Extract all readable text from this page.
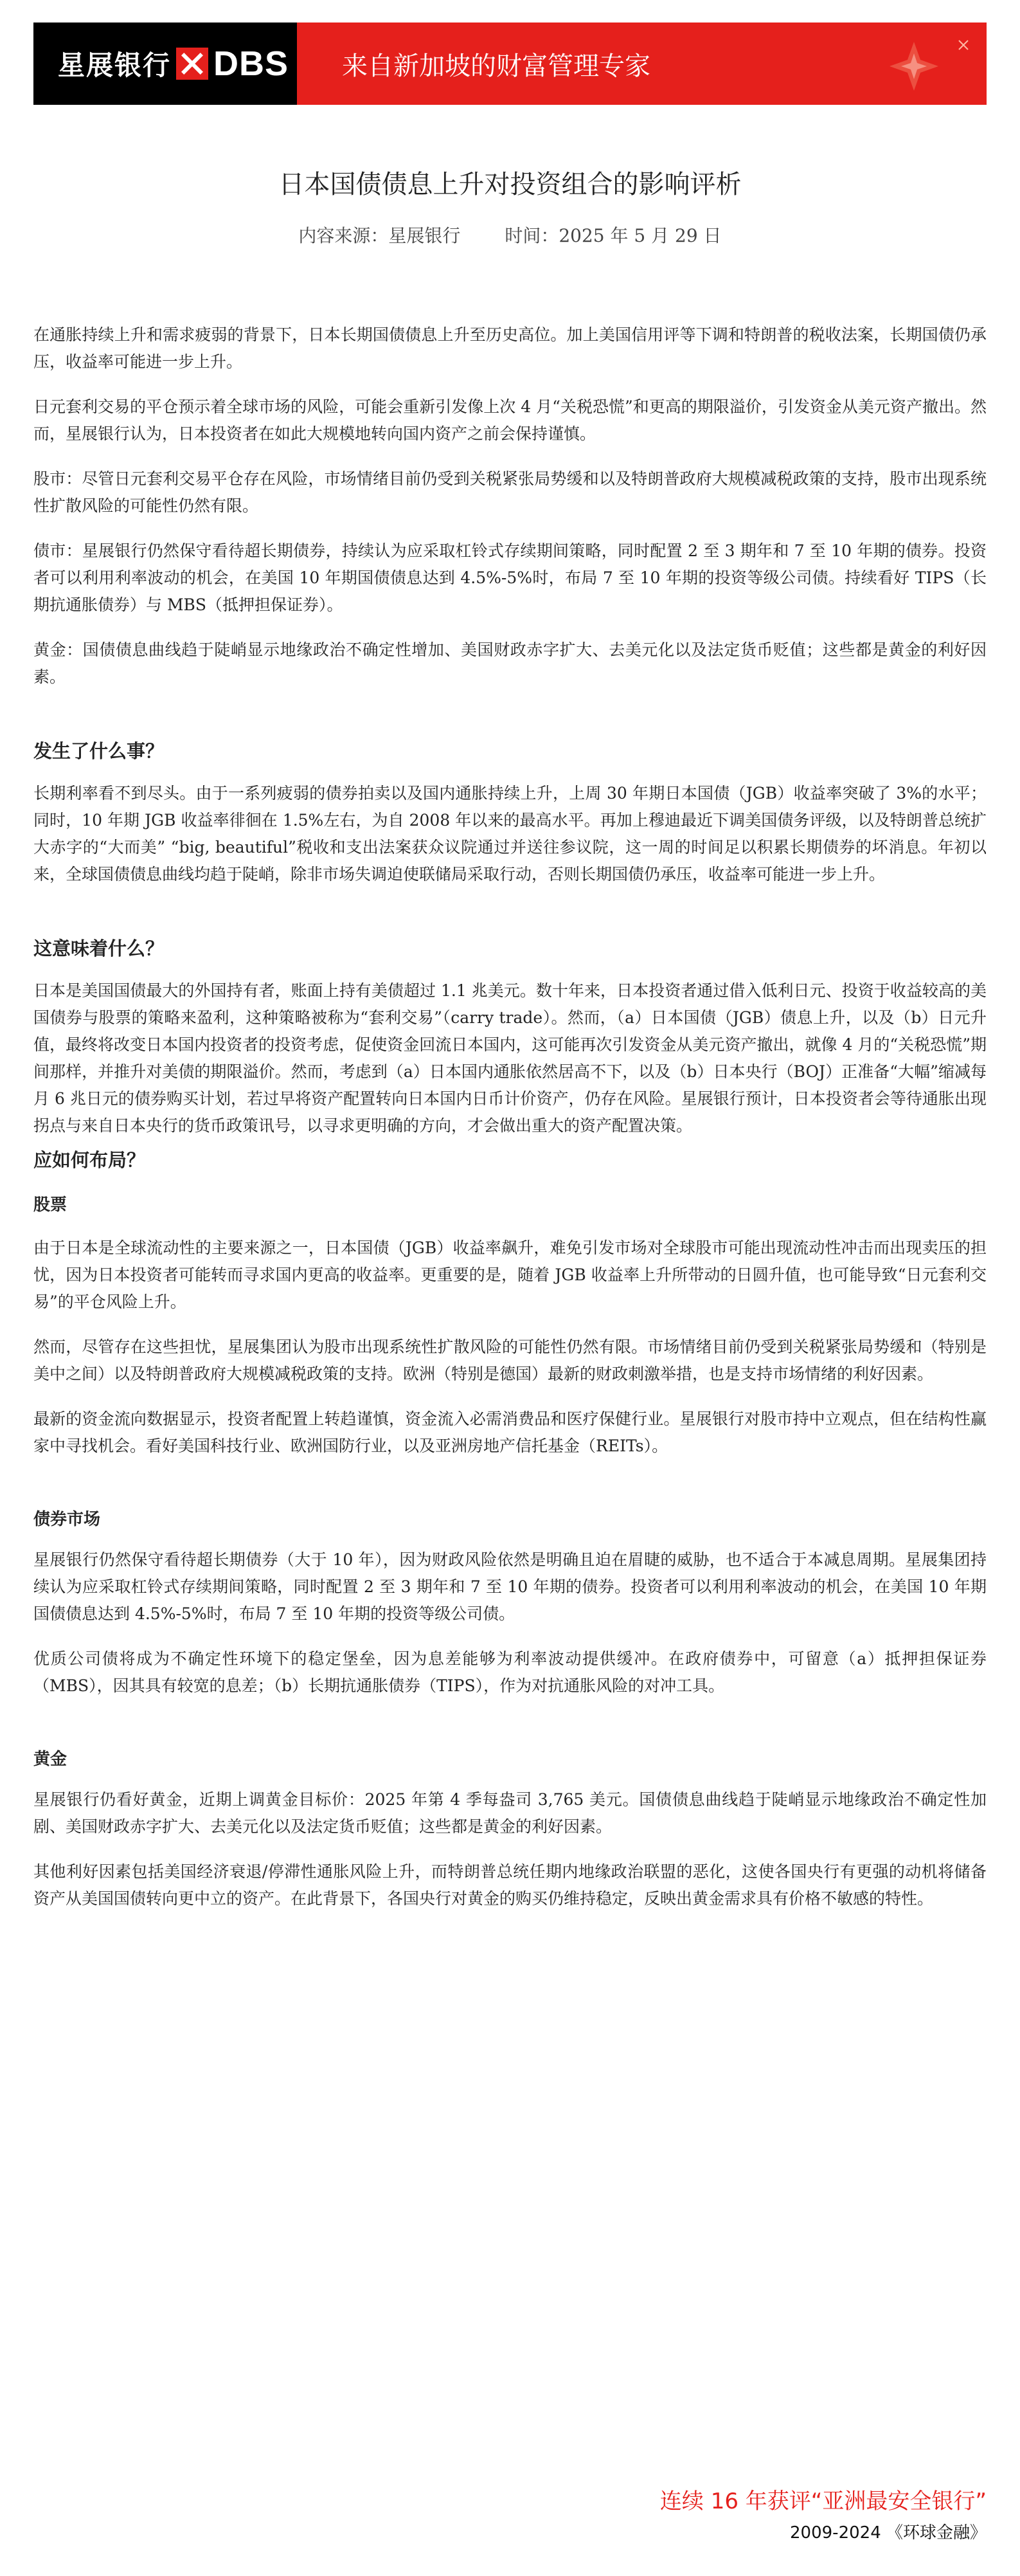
星展银行 DBS 来自新加坡的财富管理专家
日本国债债息上升对投资组合的影响评析
内容来源：星展银行 时间：2025 年 5 月 29 日

在通胀持续上升和需求疲弱的背景下，日本长期国债债息上升至历史高位。加上美国信用评等下调和特朗普的税收法案，长期国债仍承压，收益率可能进一步上升。

日元套利交易的平仓预示着全球市场的风险，可能会重新引发像上次 4 月“关税恐慌”和更高的期限溢价，引发资金从美元资产撤出。然而，星展银行认为，日本投资者在如此大规模地转向国内资产之前会保持谨慎。

股市：尽管日元套利交易平仓存在风险，市场情绪目前仍受到关税紧张局势缓和以及特朗普政府大规模减税政策的支持，股市出现系统性扩散风险的可能性仍然有限。

债市：星展银行仍然保守看待超长期债券，持续认为应采取杠铃式存续期间策略，同时配置 2 至 3 期年和 7 至 10 年期的债券。投资者可以利用利率波动的机会，在美国 10 年期国债债息达到 4.5%-5%时，布局 7 至 10 年期的投资等级公司债。持续看好 TIPS（长期抗通胀债券）与 MBS（抵押担保证券）。

黄金：国债债息曲线趋于陡峭显示地缘政治不确定性增加、美国财政赤字扩大、去美元化以及法定货币贬值；这些都是黄金的利好因素。

发生了什么事？

长期利率看不到尽头。由于一系列疲弱的债券拍卖以及国内通胀持续上升，上周 30 年期日本国债（JGB）收益率突破了 3%的水平；同时，10 年期 JGB 收益率徘徊在 1.5%左右，为自 2008 年以来的最高水平。再加上穆迪最近下调美国债务评级，以及特朗普总统扩大赤字的“大而美” “big, beautiful”税收和支出法案获众议院通过并送往参议院，这一周的时间足以积累长期债券的坏消息。年初以来，全球国债债息曲线均趋于陡峭，除非市场失调迫使联储局采取行动，否则长期国债仍承压，收益率可能进一步上升。

这意味着什么？

日本是美国国债最大的外国持有者，账面上持有美债超过 1.1 兆美元。数十年来，日本投资者通过借入低利日元、投资于收益较高的美国债券与股票的策略来盈利，这种策略被称为“套利交易”（carry trade）。然而，（a）日本国债（JGB）债息上升，以及（b）日元升值，最终将改变日本国内投资者的投资考虑，促使资金回流日本国内，这可能再次引发资金从美元资产撤出，就像 4 月的“关税恐慌”期间那样，并推升对美债的期限溢价。然而，考虑到（a）日本国内通胀依然居高不下，以及（b）日本央行（BOJ）正准备“大幅”缩减每月 6 兆日元的债券购买计划，若过早将资产配置转向日本国内日币计价资产，仍存在风险。星展银行预计，日本投资者会等待通胀出现拐点与来自日本央行的货币政策讯号，以寻求更明确的方向，才会做出重大的资产配置决策。

应如何布局？
股票

由于日本是全球流动性的主要来源之一，日本国债（JGB）收益率飙升，难免引发市场对全球股市可能出现流动性冲击而出现卖压的担忧，因为日本投资者可能转而寻求国内更高的收益率。更重要的是，随着 JGB 收益率上升所带动的日圆升值，也可能导致“日元套利交易”的平仓风险上升。

然而，尽管存在这些担忧，星展集团认为股市出现系统性扩散风险的可能性仍然有限。市场情绪目前仍受到关税紧张局势缓和（特别是美中之间）以及特朗普政府大规模减税政策的支持。欧洲（特别是德国）最新的财政刺激举措，也是支持市场情绪的利好因素。

最新的资金流向数据显示，投资者配置上转趋谨慎，资金流入必需消费品和医疗保健行业。星展银行对股市持中立观点，但在结构性赢家中寻找机会。看好美国科技行业、欧洲国防行业，以及亚洲房地产信托基金（REITs）。

债券市场

星展银行仍然保守看待超长期债券（大于 10 年），因为财政风险依然是明确且迫在眉睫的威胁，也不适合于本减息周期。星展集团持续认为应采取杠铃式存续期间策略，同时配置 2 至 3 期年和 7 至 10 年期的债券。投资者可以利用利率波动的机会，在美国 10 年期国债债息达到 4.5%-5%时，布局 7 至 10 年期的投资等级公司债。

优质公司债将成为不确定性环境下的稳定堡垒，因为息差能够为利率波动提供缓冲。在政府债券中，可留意（a）抵押担保证券（MBS），因其具有较宽的息差；（b）长期抗通胀债券（TIPS），作为对抗通胀风险的对冲工具。

黄金

星展银行仍看好黄金，近期上调黄金目标价：2025 年第 4 季每盎司 3,765 美元。国债债息曲线趋于陡峭显示地缘政治不确定性加剧、美国财政赤字扩大、去美元化以及法定货币贬值；这些都是黄金的利好因素。

其他利好因素包括美国经济衰退/停滞性通胀风险上升，而特朗普总统任期内地缘政治联盟的恶化，这使各国央行有更强的动机将储备资产从美国国债转向更中立的资产。在此背景下，各国央行对黄金的购买仍维持稳定，反映出黄金需求具有价格不敏感的特性。

连续 16 年获评“亚洲最安全银行”
2009-2024 《环球金融》
